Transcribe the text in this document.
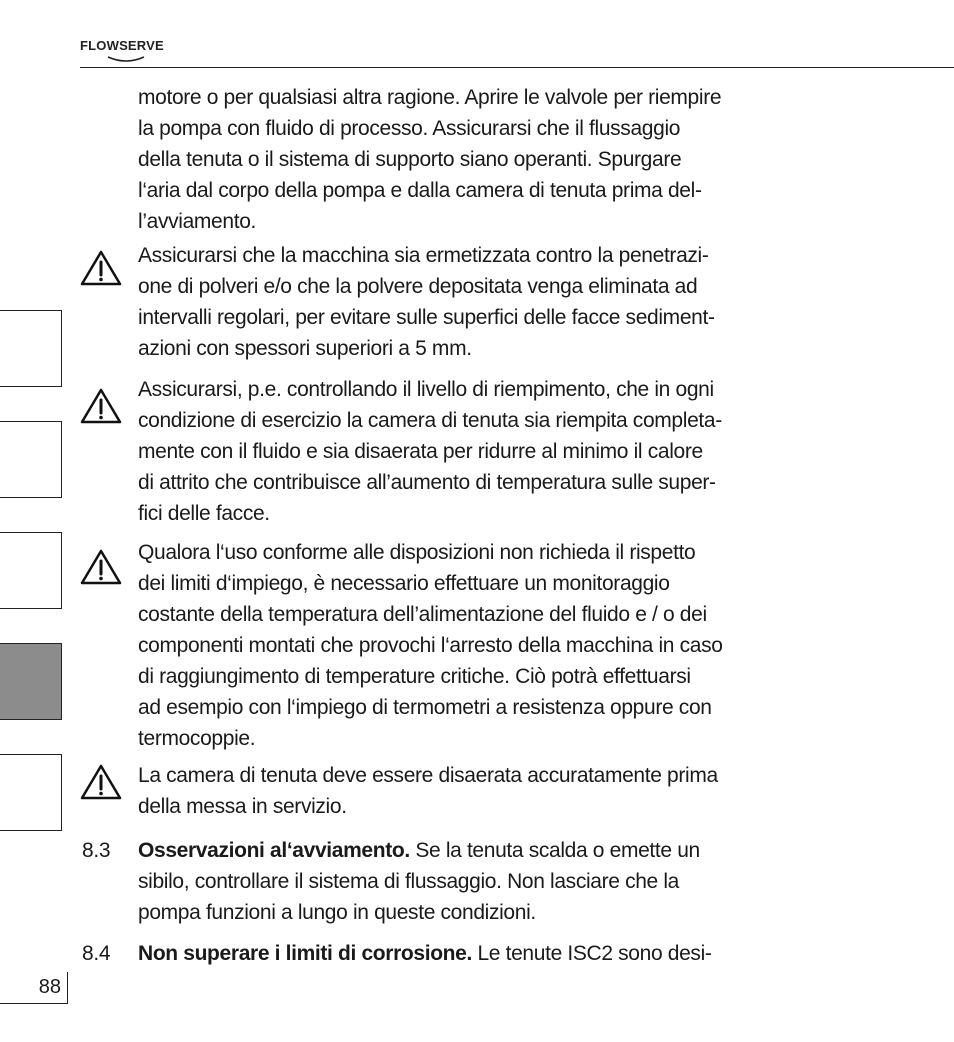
FLOWSERVE
motore o per qualsiasi altra ragione. Aprire le valvole per riempire
la pompa con fluido di processo. Assicurarsi che il flussaggio
della tenuta o il sistema di supporto siano operanti. Spurgare
l‘aria dal corpo della pompa e dalla camera di tenuta prima del-
l’avviamento.
Assicurarsi che la macchina sia ermetizzata contro la penetrazi-
one di polveri e/o che la polvere depositata venga eliminata ad
intervalli regolari, per evitare sulle superfici delle facce sediment-
azioni con spessori superiori a 5 mm.
Assicurarsi, p.e. controllando il livello di riempimento, che in ogni
condizione di esercizio la camera di tenuta sia riempita completa-
mente con il fluido e sia disaerata per ridurre al minimo il calore
di attrito che contribuisce all’aumento di temperatura sulle super-
fici delle facce.
Qualora l‘uso conforme alle disposizioni non richieda il rispetto
dei limiti d‘impiego, è necessario effettuare un monitoraggio
costante della temperatura dell’alimentazione del fluido e / o dei
componenti montati che provochi l‘arresto della macchina in caso
di raggiungimento di temperature critiche. Ciò potrà effettuarsi
ad esempio con l‘impiego di termometri a resistenza oppure con
termocoppie.
La camera di tenuta deve essere disaerata accuratamente prima
della messa in servizio.
8.3 Osservazioni al‘avviamento. Se la tenuta scalda o emette un
sibilo, controllare il sistema di flussaggio. Non lasciare che la
pompa funzioni a lungo in queste condizioni.
8.4 Non superare i limiti di corrosione. Le tenute ISC2 sono desi-
88
